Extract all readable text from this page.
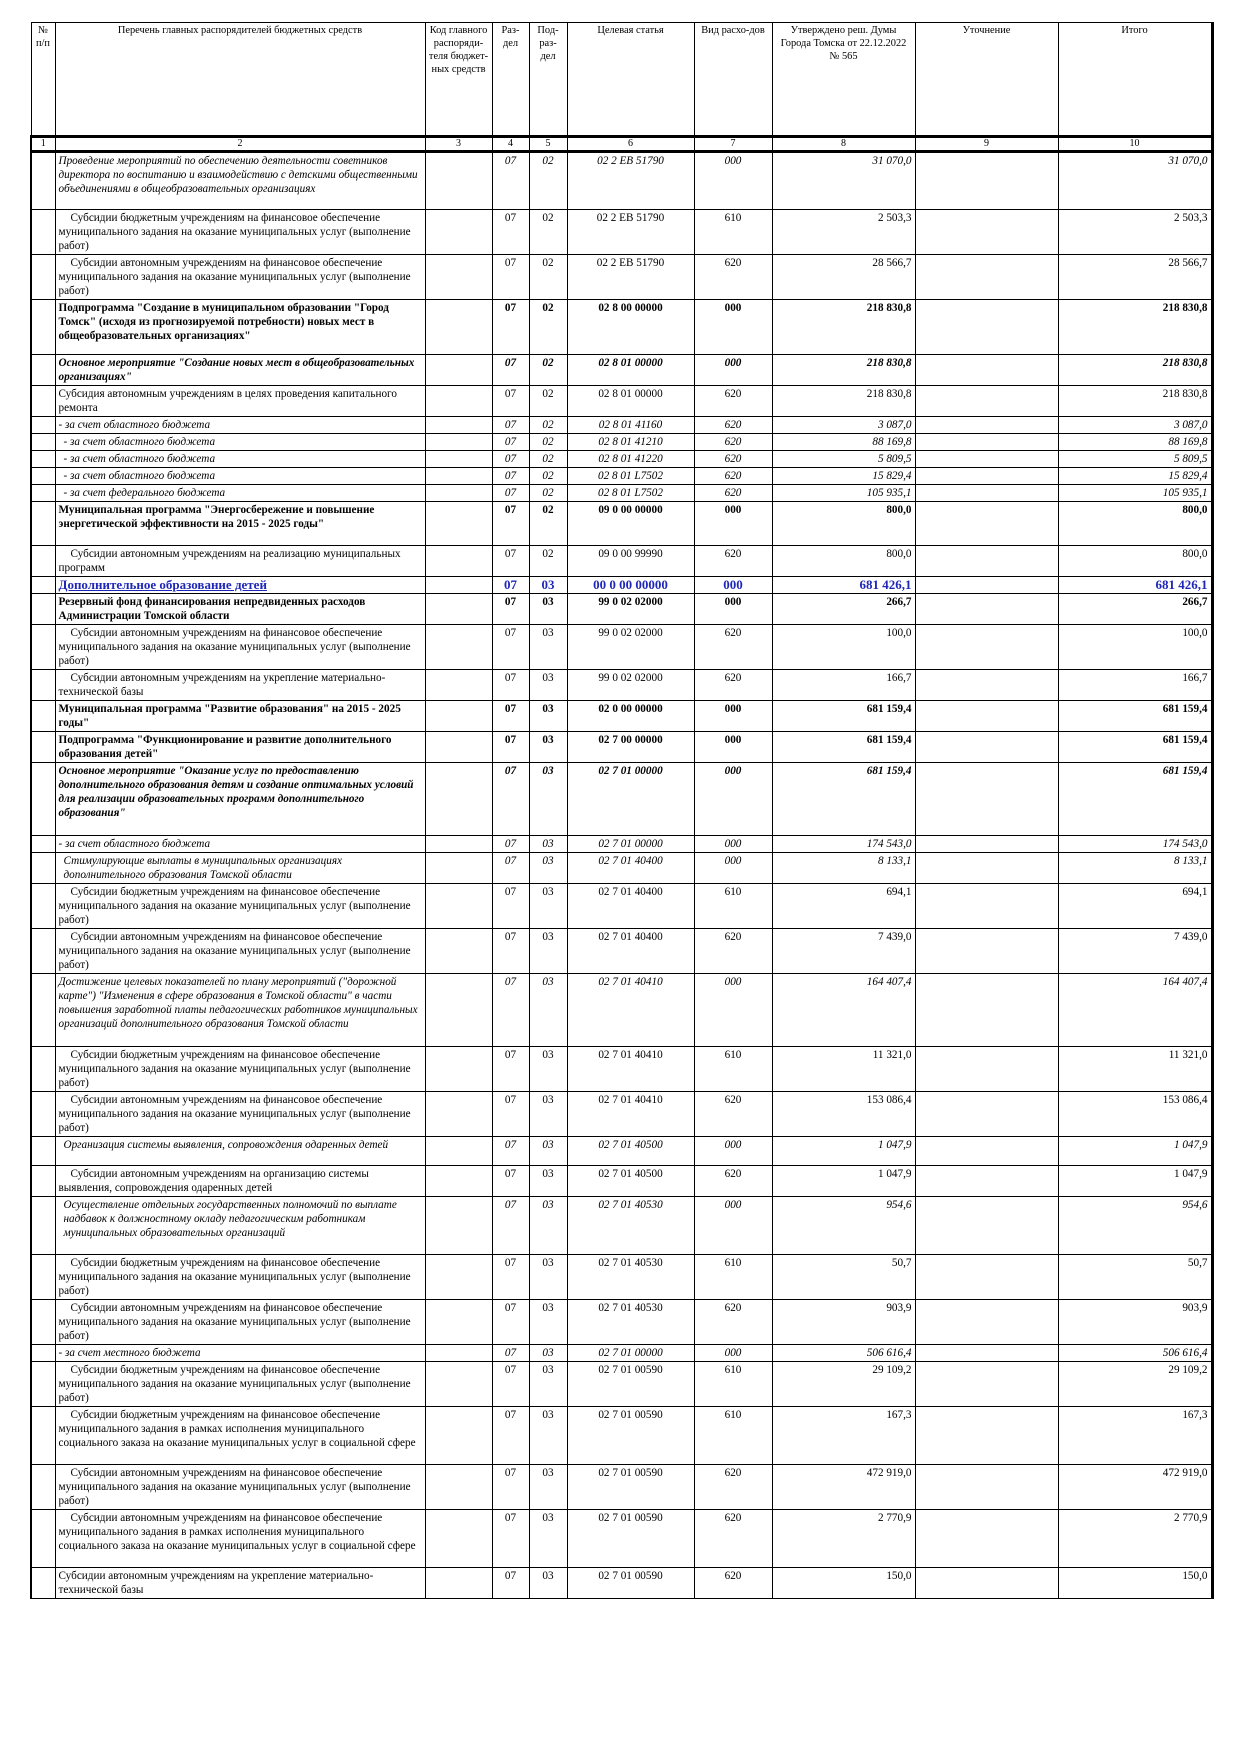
№ п/п	Перечень главных распорядителей бюджетных средств	Код главного распоряди-теля бюджет-ных средств	Раз-дел	Под-раз-дел	Целевая статья	Вид расхо-дов	Утверждено реш. Думы Города Томска от 22.12.2022 № 565	Уточнение	Итого
1	2	3	4	5	6	7	8	9	10
	Проведение мероприятий по обеспечению деятельности советников директора по воспитанию и взаимодействию с детскими общественными объединениями в общеобразовательных организациях		07	02	02 2 EB 51790	000	31 070,0		31 070,0
	Субсидии бюджетным учреждениям на финансовое обеспечение муниципального задания на оказание муниципальных услуг (выполнение работ)		07	02	02 2 EB 51790	610	2 503,3		2 503,3
	Субсидии автономным учреждениям на финансовое обеспечение муниципального задания на оказание муниципальных услуг (выполнение работ)		07	02	02 2 EB 51790	620	28 566,7		28 566,7
	Подпрограмма "Создание в муниципальном образовании "Город Томск" (исходя из прогнозируемой потребности) новых мест в общеобразовательных организациях"		07	02	02 8 00 00000	000	218 830,8		218 830,8
	Основное мероприятие "Создание новых мест в общеобразовательных организациях"		07	02	02 8 01 00000	000	218 830,8		218 830,8
	Субсидия автономным учреждениям в целях проведения капитального ремонта		07	02	02 8 01 00000	620	218 830,8		218 830,8
	- за счет областного бюджета		07	02	02 8 01 41160	620	3 087,0		3 087,0
	- за счет областного бюджета		07	02	02 8 01 41210	620	88 169,8		88 169,8
	- за счет областного бюджета		07	02	02 8 01 41220	620	5 809,5		5 809,5
	- за счет областного бюджета		07	02	02 8 01 L7502	620	15 829,4		15 829,4
	- за счет федерального бюджета		07	02	02 8 01 L7502	620	105 935,1		105 935,1
	Муниципальная программа "Энергосбережение и повышение энергетической эффективности на 2015 - 2025 годы"		07	02	09 0 00 00000	000	800,0		800,0
	Субсидии автономным учреждениям на реализацию муниципальных программ		07	02	09 0 00 99990	620	800,0		800,0
	Дополнительное образование детей		07	03	00 0 00 00000	000	681 426,1		681 426,1
	Резервный фонд финансирования непредвиденных расходов Администрации Томской области		07	03	99 0 02 02000	000	266,7		266,7
	Субсидии автономным учреждениям на финансовое обеспечение муниципального задания на оказание муниципальных услуг (выполнение работ)		07	03	99 0 02 02000	620	100,0		100,0
	Субсидии автономным учреждениям на укрепление материально-технической базы		07	03	99 0 02 02000	620	166,7		166,7
	Муниципальная программа "Развитие образования" на 2015 - 2025 годы"		07	03	02 0 00 00000	000	681 159,4		681 159,4
	Подпрограмма "Функционирование и развитие дополнительного образования детей"		07	03	02 7 00 00000	000	681 159,4		681 159,4
	Основное мероприятие "Оказание услуг по предоставлению дополнительного образования детям и создание оптимальных условий для реализации образовательных программ дополнительного образования"		07	03	02 7 01 00000	000	681 159,4		681 159,4
	- за счет областного бюджета		07	03	02 7 01 00000	000	174 543,0		174 543,0
	Стимулирующие выплаты в муниципальных организациях дополнительного образования Томской области		07	03	02 7 01 40400	000	8 133,1		8 133,1
	Субсидии бюджетным учреждениям на финансовое обеспечение муниципального задания на оказание муниципальных услуг (выполнение работ)		07	03	02 7 01 40400	610	694,1		694,1
	Субсидии автономным учреждениям на финансовое обеспечение муниципального задания на оказание муниципальных услуг (выполнение работ)		07	03	02 7 01 40400	620	7 439,0		7 439,0
	Достижение целевых показателей по плану мероприятий ("дорожной карте") "Изменения в сфере образования в Томской области" в части повышения заработной платы педагогических работников муниципальных организаций дополнительного образования Томской области		07	03	02 7 01 40410	000	164 407,4		164 407,4
	Субсидии бюджетным учреждениям на финансовое обеспечение муниципального задания на оказание муниципальных услуг (выполнение работ)		07	03	02 7 01 40410	610	11 321,0		11 321,0
	Субсидии автономным учреждениям на финансовое обеспечение муниципального задания на оказание муниципальных услуг (выполнение работ)		07	03	02 7 01 40410	620	153 086,4		153 086,4
	Организация системы выявления, сопровождения одаренных детей		07	03	02 7 01 40500	000	1 047,9		1 047,9
	Субсидии автономным учреждениям на организацию системы выявления, сопровождения одаренных детей		07	03	02 7 01 40500	620	1 047,9		1 047,9
	Осуществление отдельных государственных полномочий по выплате надбавок к должностному окладу педагогическим работникам муниципальных образовательных организаций		07	03	02 7 01 40530	000	954,6		954,6
	Субсидии бюджетным учреждениям на финансовое обеспечение муниципального задания на оказание муниципальных услуг (выполнение работ)		07	03	02 7 01 40530	610	50,7		50,7
	Субсидии автономным учреждениям на финансовое обеспечение муниципального задания на оказание муниципальных услуг (выполнение работ)		07	03	02 7 01 40530	620	903,9		903,9
	- за счет местного бюджета		07	03	02 7 01 00000	000	506 616,4		506 616,4
	Субсидии бюджетным учреждениям на финансовое обеспечение муниципального задания на оказание муниципальных услуг (выполнение работ)		07	03	02 7 01 00590	610	29 109,2		29 109,2
	Субсидии бюджетным учреждениям на финансовое обеспечение муниципального задания в рамках исполнения муниципального социального заказа на оказание муниципальных услуг в социальной сфере		07	03	02 7 01 00590	610	167,3		167,3
	Субсидии автономным учреждениям на финансовое обеспечение муниципального задания на оказание муниципальных услуг (выполнение работ)		07	03	02 7 01 00590	620	472 919,0		472 919,0
	Субсидии автономным учреждениям на финансовое обеспечение муниципального задания в рамках исполнения муниципального социального заказа на оказание муниципальных услуг в социальной сфере		07	03	02 7 01 00590	620	2 770,9		2 770,9
	Субсидии автономным учреждениям на укрепление материально-технической базы		07	03	02 7 01 00590	620	150,0		150,0
